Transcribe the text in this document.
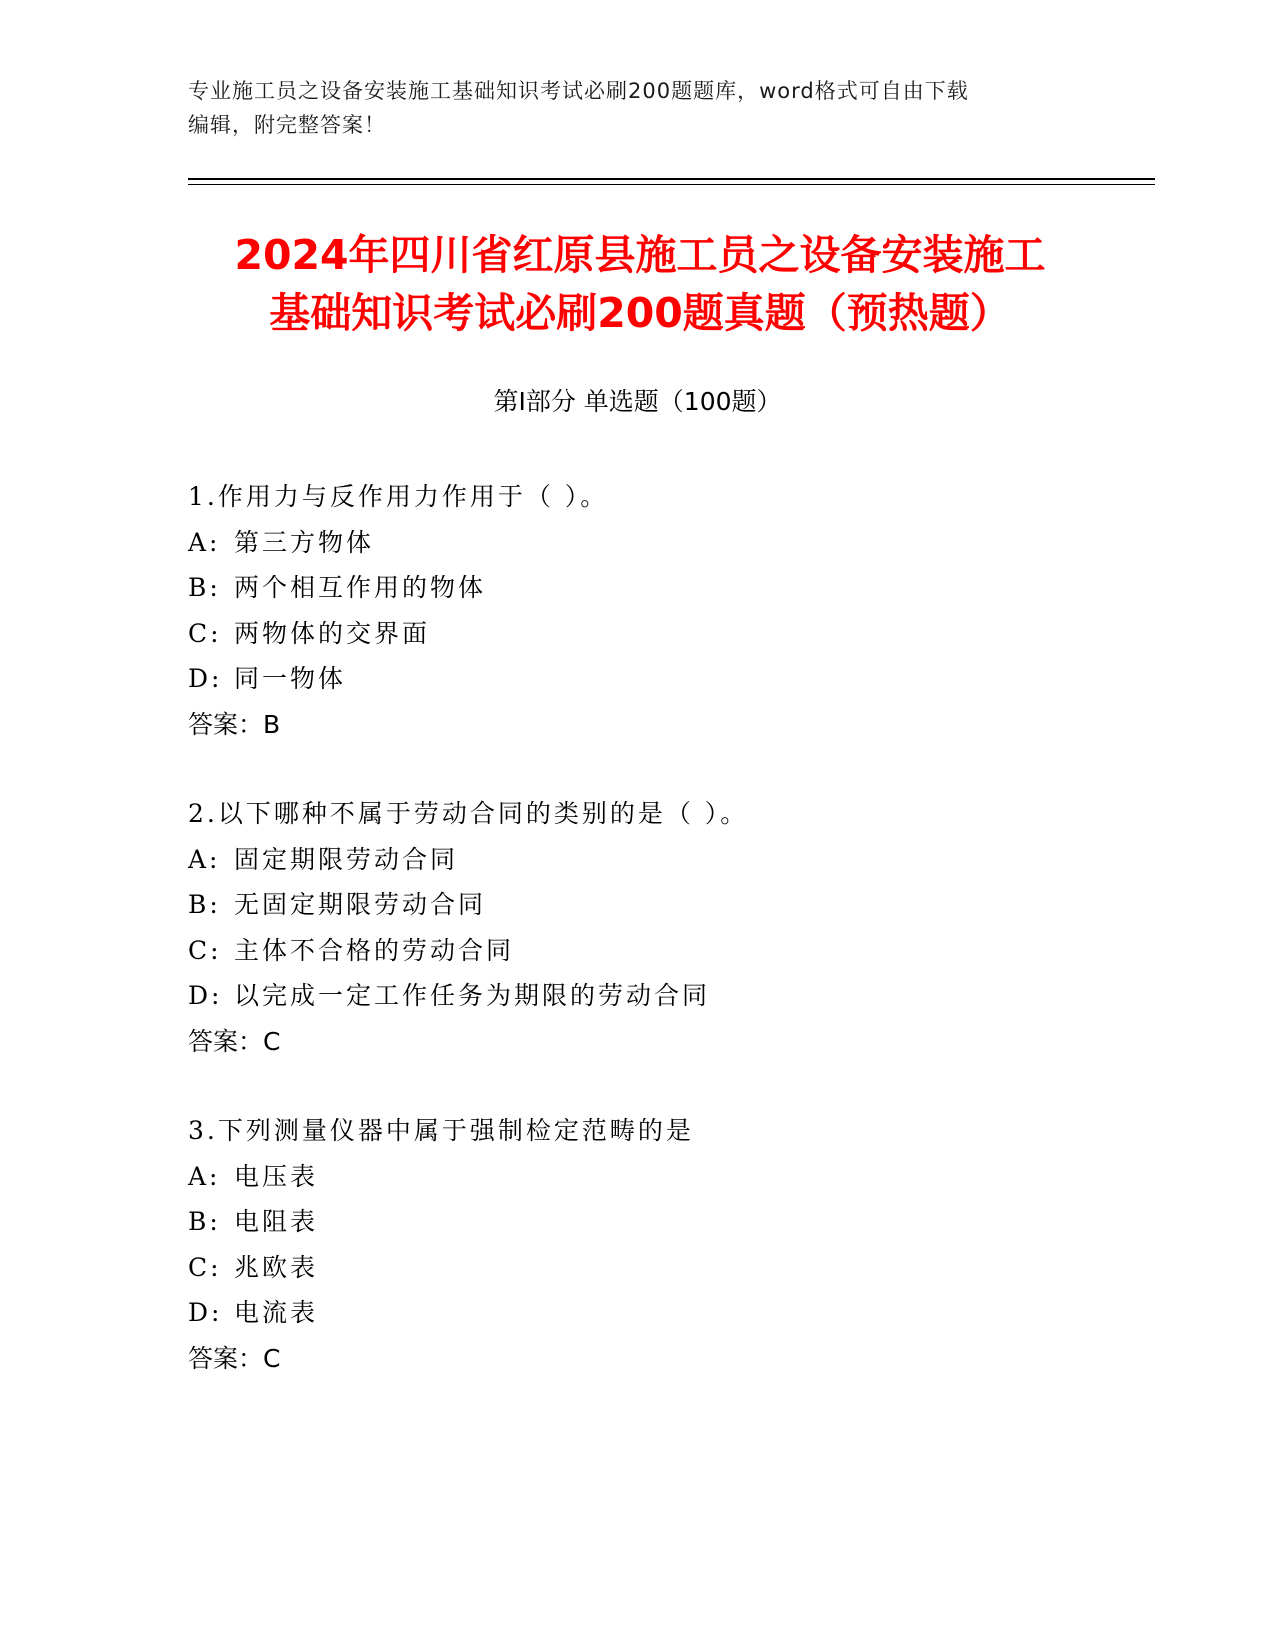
专业施工员之设备安装施工基础知识考试必刷200题题库，word格式可自由下载
编辑，附完整答案！
2024年四川省红原县施工员之设备安装施工
基础知识考试必刷200题真题（预热题）
第Ⅰ部分 单选题（100题）
1.作用力与反作用力作用于（ ）。
A: 第三方物体
B: 两个相互作用的物体
C: 两物体的交界面
D: 同一物体
答案：B
2.以下哪种不属于劳动合同的类别的是（ ）。
A: 固定期限劳动合同
B: 无固定期限劳动合同
C: 主体不合格的劳动合同
D: 以完成一定工作任务为期限的劳动合同
答案：C
3.下列测量仪器中属于强制检定范畴的是
A: 电压表
B: 电阻表
C: 兆欧表
D: 电流表
答案：C
